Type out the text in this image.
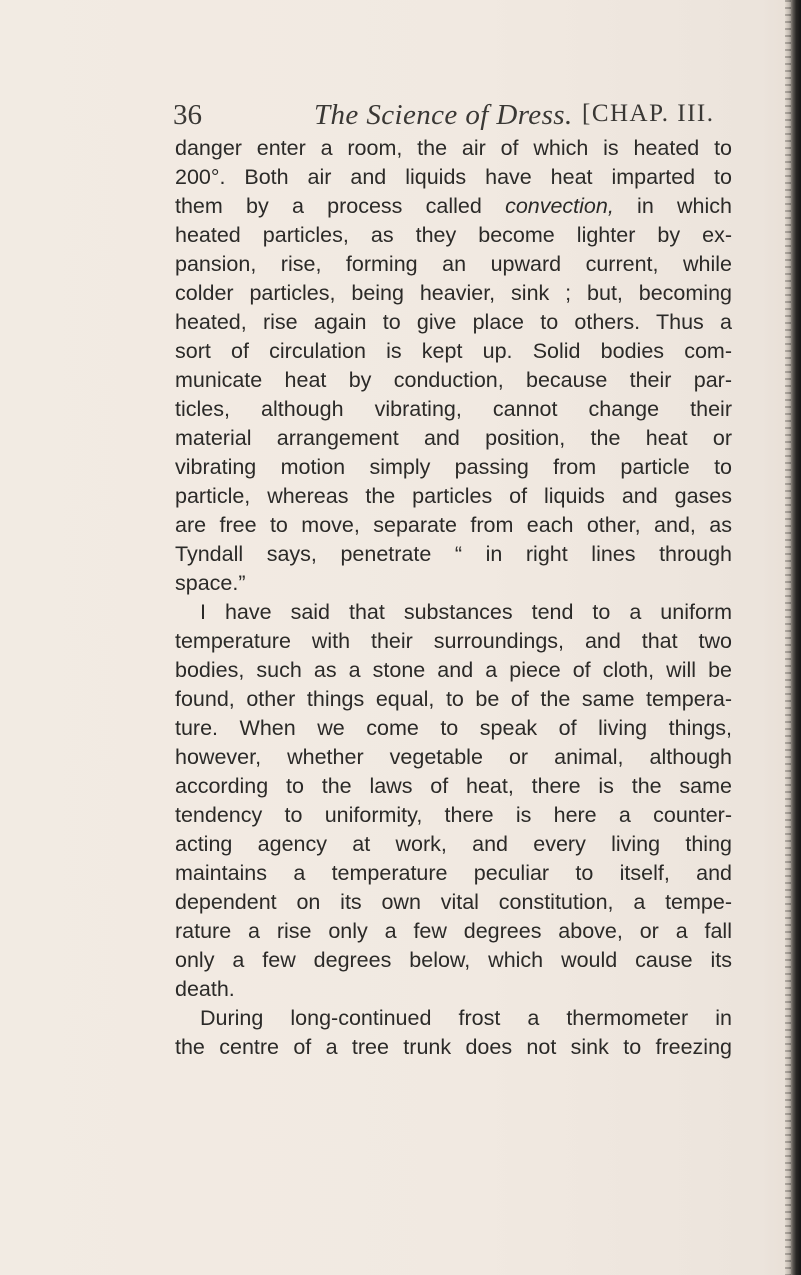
36	The Science of Dress. [CHAP. III.
danger enter a room, the air of which is heated to
200°. Both air and liquids have heat imparted to
them by a process called convection, in which
heated particles, as they become lighter by ex-
pansion, rise, forming an upward current, while
colder particles, being heavier, sink ; but, becoming
heated, rise again to give place to others. Thus a
sort of circulation is kept up. Solid bodies com-
municate heat by conduction, because their par-
ticles, although vibrating, cannot change their
material arrangement and position, the heat or
vibrating motion simply passing from particle to
particle, whereas the particles of liquids and gases
are free to move, separate from each other, and, as
Tyndall says, penetrate “ in right lines through
space.”
I have said that substances tend to a uniform
temperature with their surroundings, and that two
bodies, such as a stone and a piece of cloth, will be
found, other things equal, to be of the same tempera-
ture. When we come to speak of living things,
however, whether vegetable or animal, although
according to the laws of heat, there is the same
tendency to uniformity, there is here a counter-
acting agency at work, and every living thing
maintains a temperature peculiar to itself, and
dependent on its own vital constitution, a tempe-
rature a rise only a few degrees above, or a fall
only a few degrees below, which would cause its
death.
During long-continued frost a thermometer in
the centre of a tree trunk does not sink to freezing
